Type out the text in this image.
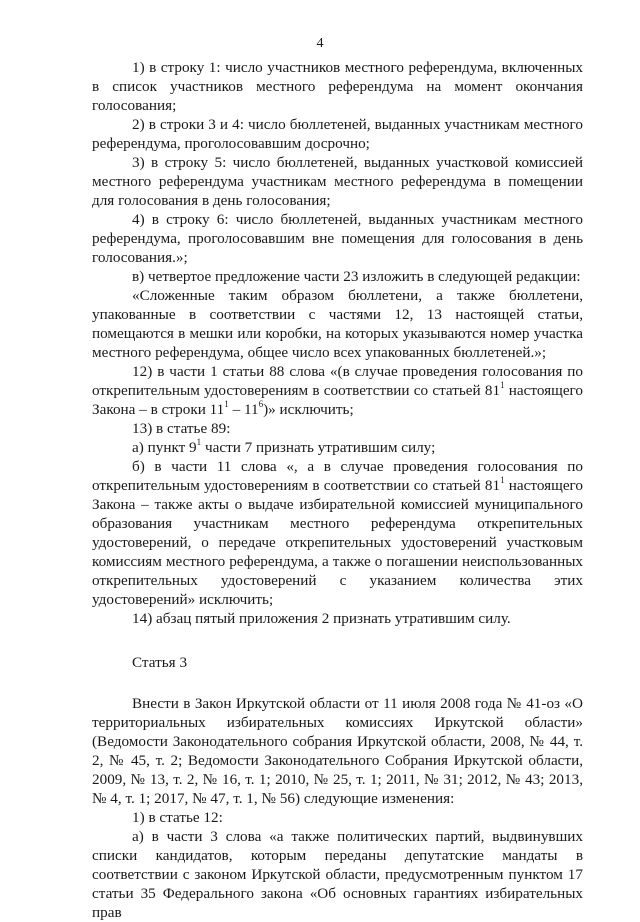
4

1) в строку 1: число участников местного референдума, включенных в список участников местного референдума на момент окончания голосования;

2) в строки 3 и 4: число бюллетеней, выданных участникам местного референдума, проголосовавшим досрочно;

3) в строку 5: число бюллетеней, выданных участковой комиссией местного референдума участникам местного референдума в помещении для голосования в день голосования;

4) в строку 6: число бюллетеней, выданных участникам местного референдума, проголосовавшим вне помещения для голосования в день голосования.»;

в) четвертое предложение части 23 изложить в следующей редакции:

«Сложенные таким образом бюллетени, а также бюллетени, упакованные в соответствии с частями 12, 13 настоящей статьи, помещаются в мешки или коробки, на которых указываются номер участка местного референдума, общее число всех упакованных бюллетеней.»;

12) в части 1 статьи 88 слова «(в случае проведения голосования по открепительным удостоверениям в соответствии со статьей $81^1$ настоящего Закона – в строки $11^1 - 11^6$)» исключить;

13) в статье 89:

а) пункт $9^1$ части 7 признать утратившим силу;

б) в части 11 слова «, а в случае проведения голосования по открепительным удостоверениям в соответствии со статьей $81^1$ настоящего Закона – также акты о выдаче избирательной комиссией муниципального образования участникам местного референдума открепительных удостоверений, о передаче открепительных удостоверений участковым комиссиям местного референдума, а также о погашении неиспользованных открепительных удостоверений с указанием количества этих удостоверений» исключить;

14) абзац пятый приложения 2 признать утратившим силу.

Статья 3

Внести в Закон Иркутской области от 11 июля 2008 года № 41-оз «О территориальных избирательных комиссиях Иркутской области» (Ведомости Законодательного собрания Иркутской области, 2008, № 44, т. 2, № 45, т. 2; Ведомости Законодательного Собрания Иркутской области, 2009, № 13, т. 2, № 16, т. 1; 2010, № 25, т. 1; 2011, № 31; 2012, № 43; 2013, № 4, т. 1; 2017, № 47, т. 1, № 56) следующие изменения:

1) в статье 12:

а) в части 3 слова «а также политических партий, выдвинувших списки кандидатов, которым переданы депутатские мандаты в соответствии с законом Иркутской области, предусмотренным пунктом 17 статьи 35 Федерального закона «Об основных гарантиях избирательных прав
